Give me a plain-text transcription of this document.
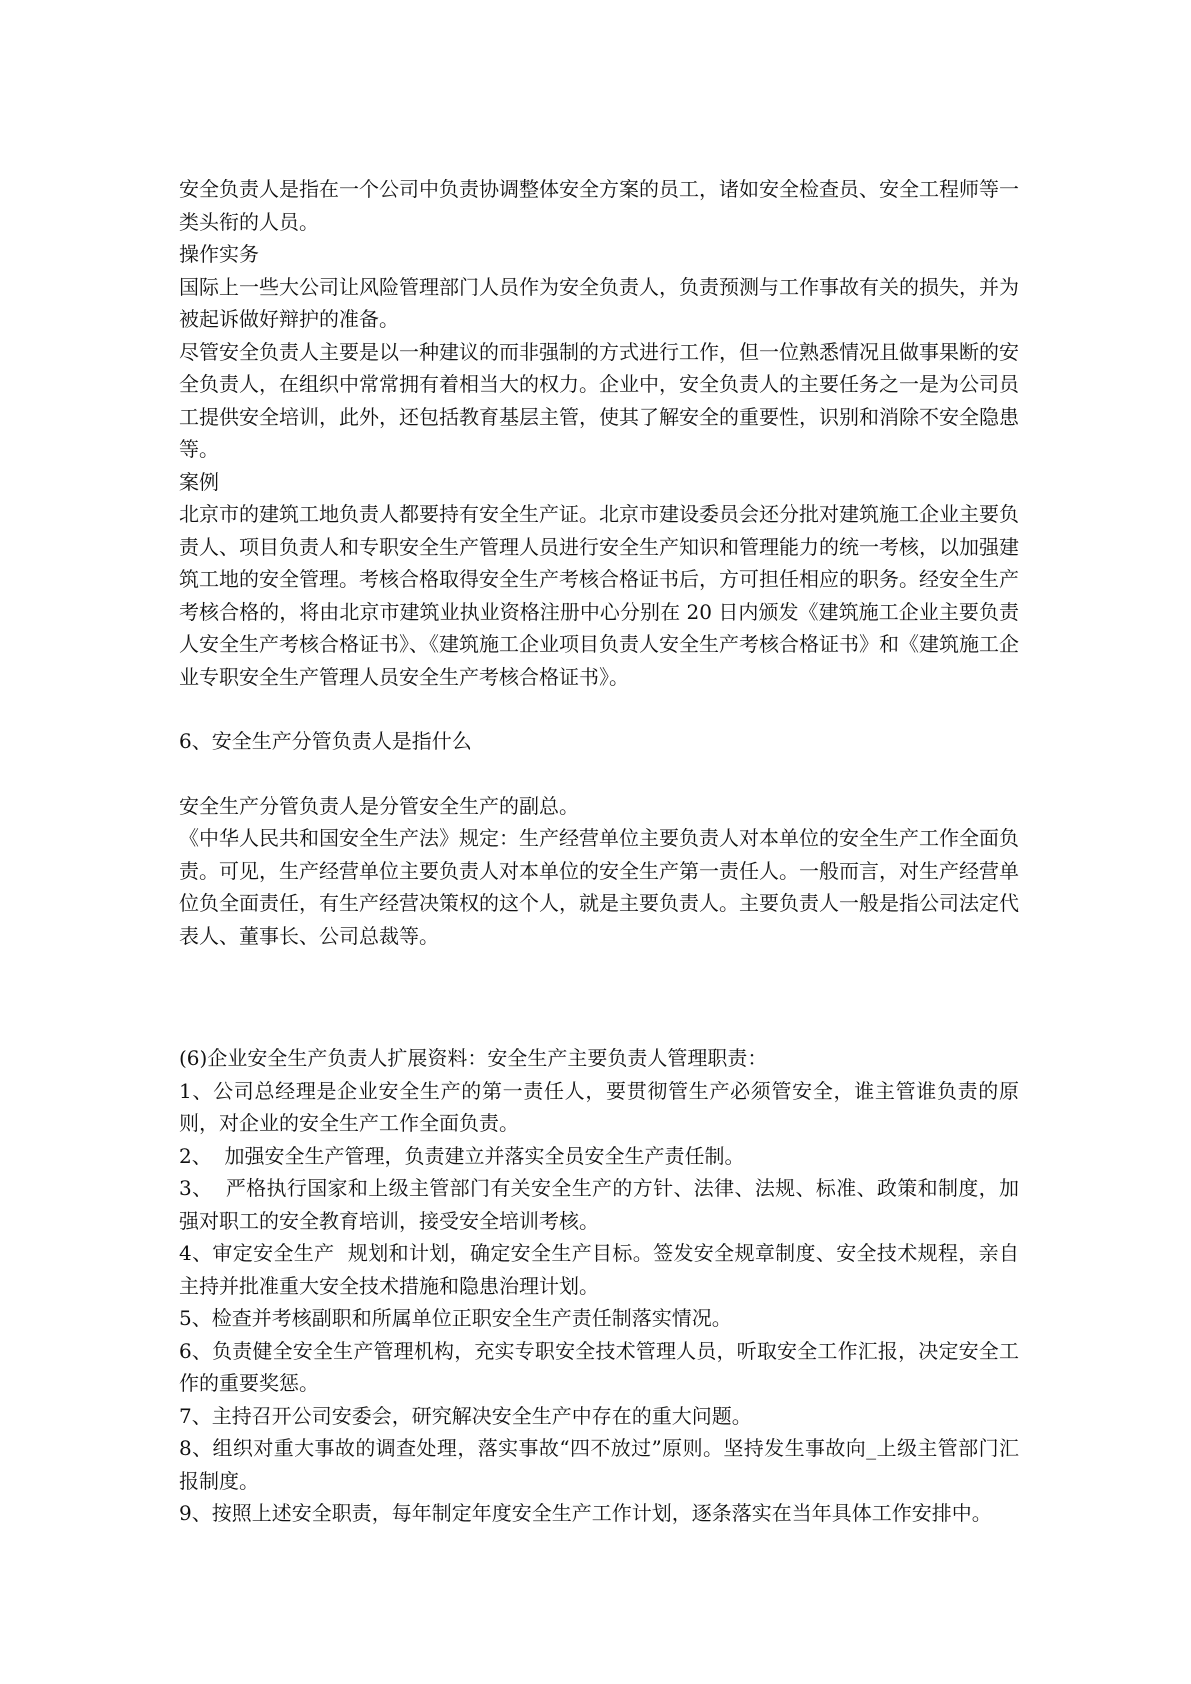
安全负责人是指在一个公司中负责协调整体安全方案的员工，诸如安全检查员、安全工程师等一类头衔的人员。

操作实务

国际上一些大公司让风险管理部门人员作为安全负责人，负责预测与工作事故有关的损失，并为被起诉做好辩护的准备。

尽管安全负责人主要是以一种建议的而非强制的方式进行工作，但一位熟悉情况且做事果断的安全负责人，在组织中常常拥有着相当大的权力。企业中，安全负责人的主要任务之一是为公司员工提供安全培训，此外，还包括教育基层主管，使其了解安全的重要性，识别和消除不安全隐患等。

案例

北京市的建筑工地负责人都要持有安全生产证。北京市建设委员会还分批对建筑施工企业主要负责人、项目负责人和专职安全生产管理人员进行安全生产知识和管理能力的统一考核，以加强建筑工地的安全管理。考核合格取得安全生产考核合格证书后，方可担任相应的职务。经安全生产考核合格的，将由北京市建筑业执业资格注册中心分别在 20 日内颁发《建筑施工企业主要负责人安全生产考核合格证书》、《建筑施工企业项目负责人安全生产考核合格证书》和《建筑施工企业专职安全生产管理人员安全生产考核合格证书》。

6、安全生产分管负责人是指什么

安全生产分管负责人是分管安全生产的副总。

《中华人民共和国安全生产法》规定：生产经营单位主要负责人对本单位的安全生产工作全面负责。可见，生产经营单位主要负责人对本单位的安全生产第一责任人。一般而言，对生产经营单位负全面责任，有生产经营决策权的这个人，就是主要负责人。主要负责人一般是指公司法定代表人、董事长、公司总裁等。

(6)企业安全生产负责人扩展资料：安全生产主要负责人管理职责：

1、公司总经理是企业安全生产的第一责任人，要贯彻管生产必须管安全，谁主管谁负责的原则，对企业的安全生产工作全面负责。

2、  加强安全生产管理，负责建立并落实全员安全生产责任制。

3、  严格执行国家和上级主管部门有关安全生产的方针、法律、法规、标准、政策和制度，加强对职工的安全教育培训，接受安全培训考核。

4、审定安全生产  规划和计划，确定安全生产目标。签发安全规章制度、安全技术规程，亲自主持并批准重大安全技术措施和隐患治理计划。

5、检查并考核副职和所属单位正职安全生产责任制落实情况。

6、负责健全安全生产管理机构，充实专职安全技术管理人员，听取安全工作汇报，决定安全工作的重要奖惩。

7、主持召开公司安委会，研究解决安全生产中存在的重大问题。

8、组织对重大事故的调查处理，落实事故“四不放过”原则。坚持发生事故向_上级主管部门汇报制度。

9、按照上述安全职责，每年制定年度安全生产工作计划，逐条落实在当年具体工作安排中。
